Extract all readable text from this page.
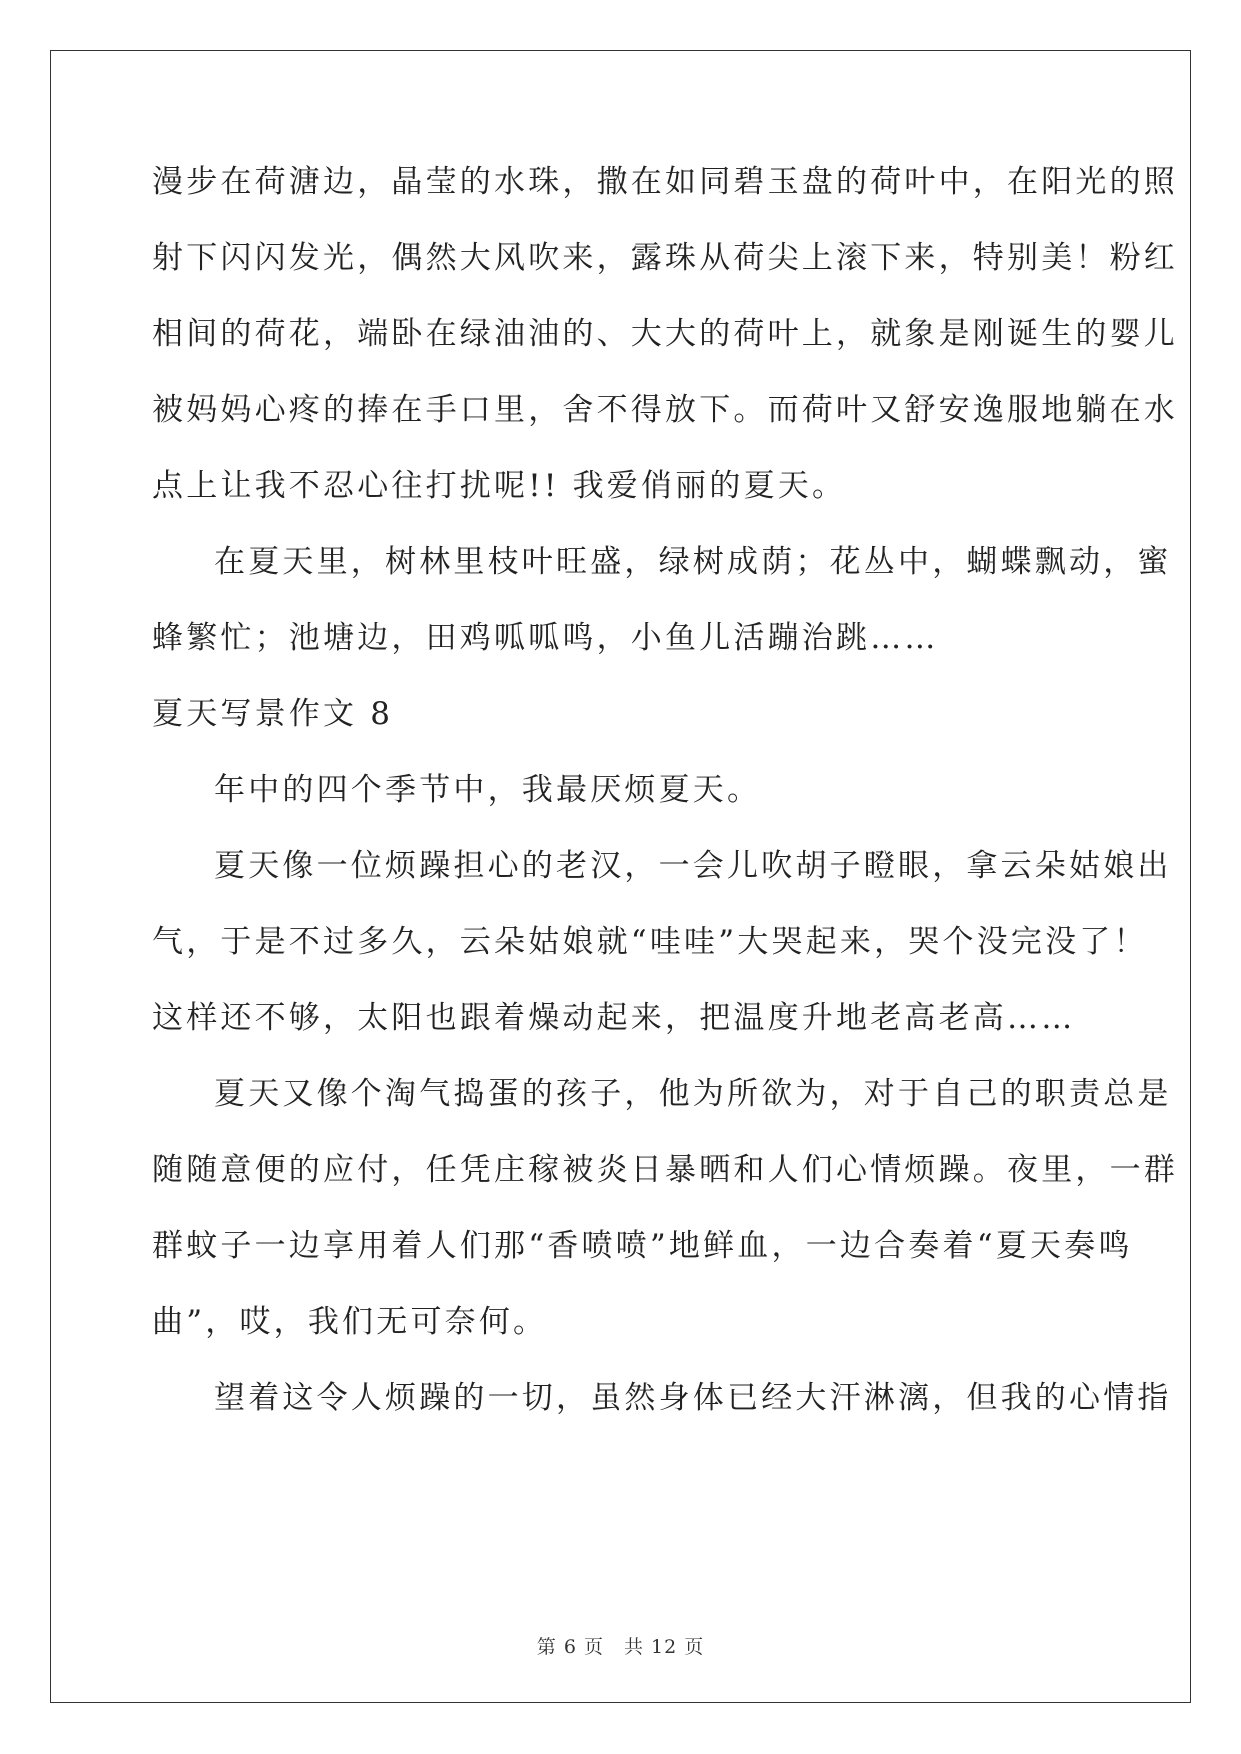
漫步在荷溏边，晶莹的水珠，撒在如同碧玉盘的荷叶中，在阳光的照
射下闪闪发光，偶然大风吹来，露珠从荷尖上滚下来，特别美！粉红
相间的荷花，端卧在绿油油的、大大的荷叶上，就象是刚诞生的婴儿
被妈妈心疼的捧在手口里，舍不得放下。而荷叶又舒安逸服地躺在水
点上让我不忍心往打扰呢!! 我爱俏丽的夏天。
在夏天里，树林里枝叶旺盛，绿树成荫；花丛中，蝴蝶飘动，蜜
蜂繁忙；池塘边，田鸡呱呱鸣，小鱼儿活蹦治跳……
夏天写景作文 8
年中的四个季节中，我最厌烦夏天。
夏天像一位烦躁担心的老汉，一会儿吹胡子瞪眼，拿云朵姑娘出
气，于是不过多久，云朵姑娘就“哇哇”大哭起来，哭个没完没了！
这样还不够，太阳也跟着燥动起来，把温度升地老高老高……
夏天又像个淘气捣蛋的孩子，他为所欲为，对于自己的职责总是
随随意便的应付，任凭庄稼被炎日暴晒和人们心情烦躁。夜里，一群
群蚊子一边享用着人们那“香喷喷”地鲜血，一边合奏着“夏天奏鸣
曲”，哎，我们无可奈何。
望着这令人烦躁的一切，虽然身体已经大汗淋漓，但我的心情指
第 6 页　共 12 页
